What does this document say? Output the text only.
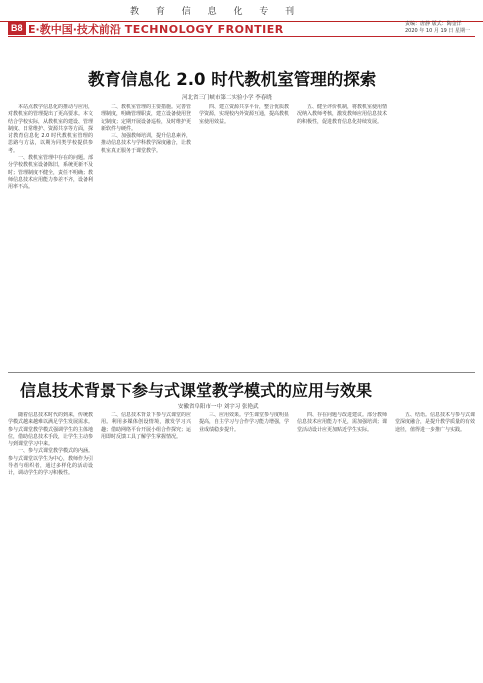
教 育 信 息 化 专 刊
B8 E·教中国·技术前沿 TECHNOLOGY FRONTIER	责编：唐静 版式：陶金洋
2020 年 10 月 19 日 星期一
教育信息化 2.0 时代教机室管理的探索
河北省三门峡市第二实验小学 李春晓

本站点教学信息化的推动与应用，对教机室的管理提出了更高要求。本文结合学校实际，从教机室的建设、管理制度、日常维护、资源共享等方面，探讨教育信息化 2.0 时代教机室管理的思路与方法，以期为同类学校提供参考。

一、教机室管理中存在的问题。部分学校教机室设备陈旧，系统更新不及时；管理制度不健全，责任不明确；教师信息技术应用能力参差不齐，设备利用率不高。

二、教机室管理的主要措施。完善管理制度，明确管理职责，建立设备使用登记制度；定期开展设备巡检，及时维护更新软件与硬件。

三、加强教师培训，提升信息素养，推动信息技术与学科教学深度融合，让教机室真正服务于课堂教学。

四、建立资源共享平台，整合优质教学资源，实现校内外资源互通，提高教机室使用效益。

五、健全评价机制，将教机室使用情况纳入教师考核，激发教师应用信息技术的积极性，促进教育信息化持续发展。

信息技术背景下参与式课堂教学模式的应用与效果
安徽省阜阳市一中 刘宇习 张艳武

随着信息技术时代的到来，传统教学模式越来越难以满足学生发展需求。参与式课堂教学模式强调学生的主体地位，借助信息技术手段，让学生主动参与到课堂学习中来。

一、参与式课堂教学模式的内涵。参与式课堂以学生为中心，教师作为引导者与组织者，通过多样化的活动设计，调动学生的学习积极性。

二、信息技术背景下参与式课堂的应用。利用多媒体创设情境，激发学习兴趣；借助网络平台开展小组合作探究；运用即时反馈工具了解学生掌握情况。

三、应用效果。学生课堂参与度明显提高，自主学习与合作学习能力增强，学业成绩稳步提升。

四、存在问题与改进建议。部分教师信息技术应用能力不足，需加强培训；课堂活动设计应更加贴近学生实际。

五、结语。信息技术与参与式课堂深度融合，是提升教学质量的有效途径，值得进一步推广与实践。
